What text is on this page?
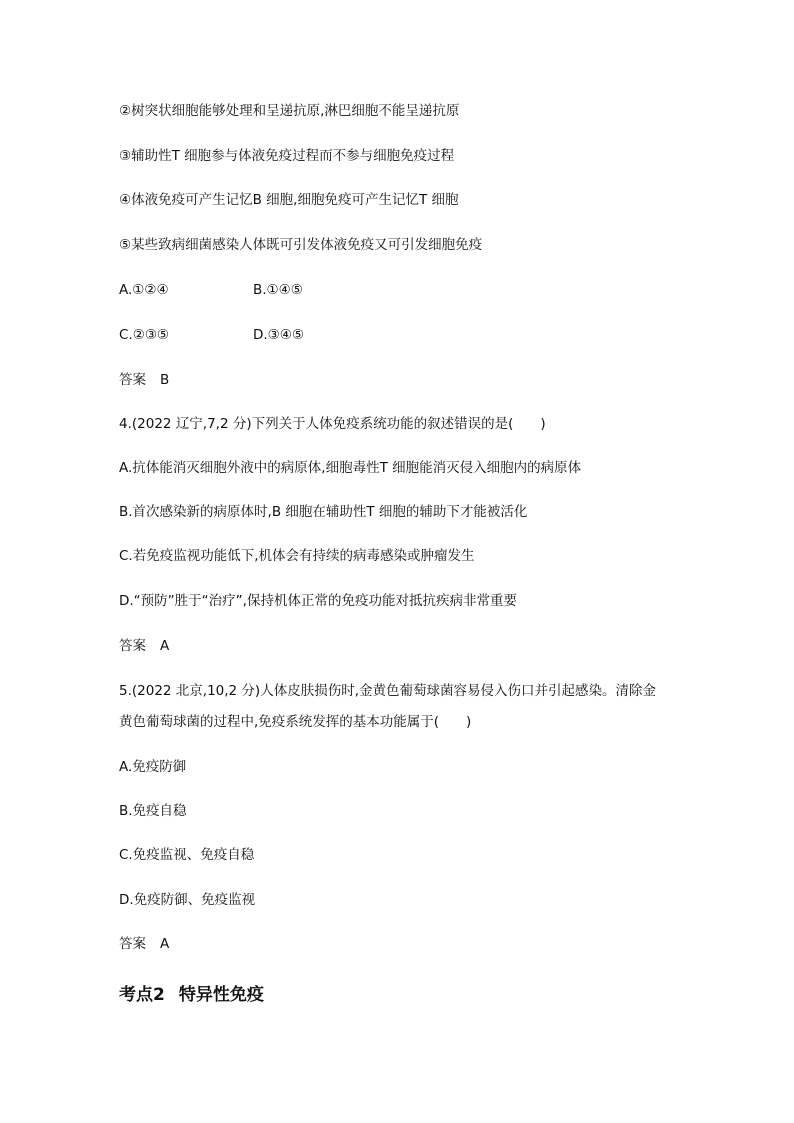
②树突状细胞能够处理和呈递抗原,淋巴细胞不能呈递抗原
③辅助性T 细胞参与体液免疫过程而不参与细胞免疫过程
④体液免疫可产生记忆B 细胞,细胞免疫可产生记忆T 细胞
⑤某些致病细菌感染人体既可引发体液免疫又可引发细胞免疫
A.①②④	B.①④⑤
C.②③⑤	D.③④⑤
答案 B
4.(2022 辽宁,7,2 分)下列关于人体免疫系统功能的叙述错误的是(　　)
A.抗体能消灭细胞外液中的病原体,细胞毒性T 细胞能消灭侵入细胞内的病原体
B.首次感染新的病原体时,B 细胞在辅助性T 细胞的辅助下才能被活化
C.若免疫监视功能低下,机体会有持续的病毒感染或肿瘤发生
D.“预防”胜于“治疗”,保持机体正常的免疫功能对抵抗疾病非常重要
答案 A
5.(2022 北京,10,2 分)人体皮肤损伤时,金黄色葡萄球菌容易侵入伤口并引起感染。清除金
黄色葡萄球菌的过程中,免疫系统发挥的基本功能属于(　　)
A.免疫防御
B.免疫自稳
C.免疫监视、免疫自稳
D.免疫防御、免疫监视
答案 A
考点2 特异性免疫
